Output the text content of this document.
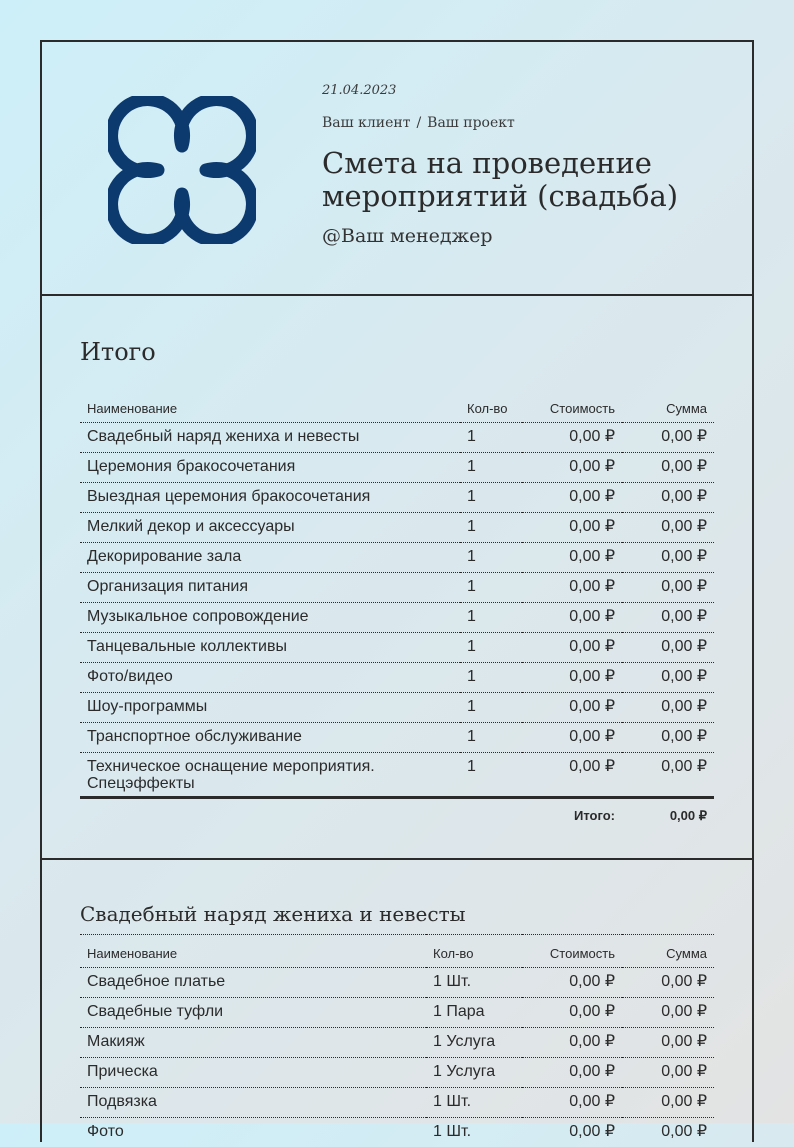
21.04.2023
Ваш клиент / Ваш проект
Смета на проведение
мероприятий (свадьба)
@Ваш менеджер
Итого
Наименование	Кол-во	Стоимость	Сумма
Свадебный наряд жениха и невесты	1	0,00 ₽	0,00 ₽
Церемония бракосочетания	1	0,00 ₽	0,00 ₽
Выездная церемония бракосочетания	1	0,00 ₽	0,00 ₽
Мелкий декор и аксессуары	1	0,00 ₽	0,00 ₽
Декорирование зала	1	0,00 ₽	0,00 ₽
Организация питания	1	0,00 ₽	0,00 ₽
Музыкальное сопровождение	1	0,00 ₽	0,00 ₽
Танцевальные коллективы	1	0,00 ₽	0,00 ₽
Фото/видео	1	0,00 ₽	0,00 ₽
Шоу-программы	1	0,00 ₽	0,00 ₽
Транспортное обслуживание	1	0,00 ₽	0,00 ₽
Техническое оснащение мероприятия. Спецэффекты	1	0,00 ₽	0,00 ₽
		Итого:	0,00 ₽
Свадебный наряд жениха и невесты
Наименование	Кол-во	Стоимость	Сумма
Свадебное платье	1 Шт.	0,00 ₽	0,00 ₽
Свадебные туфли	1 Пара	0,00 ₽	0,00 ₽
Макияж	1 Услуга	0,00 ₽	0,00 ₽
Прическа	1 Услуга	0,00 ₽	0,00 ₽
Подвязка	1 Шт.	0,00 ₽	0,00 ₽
Фото	1 Шт.	0,00 ₽	0,00 ₽
